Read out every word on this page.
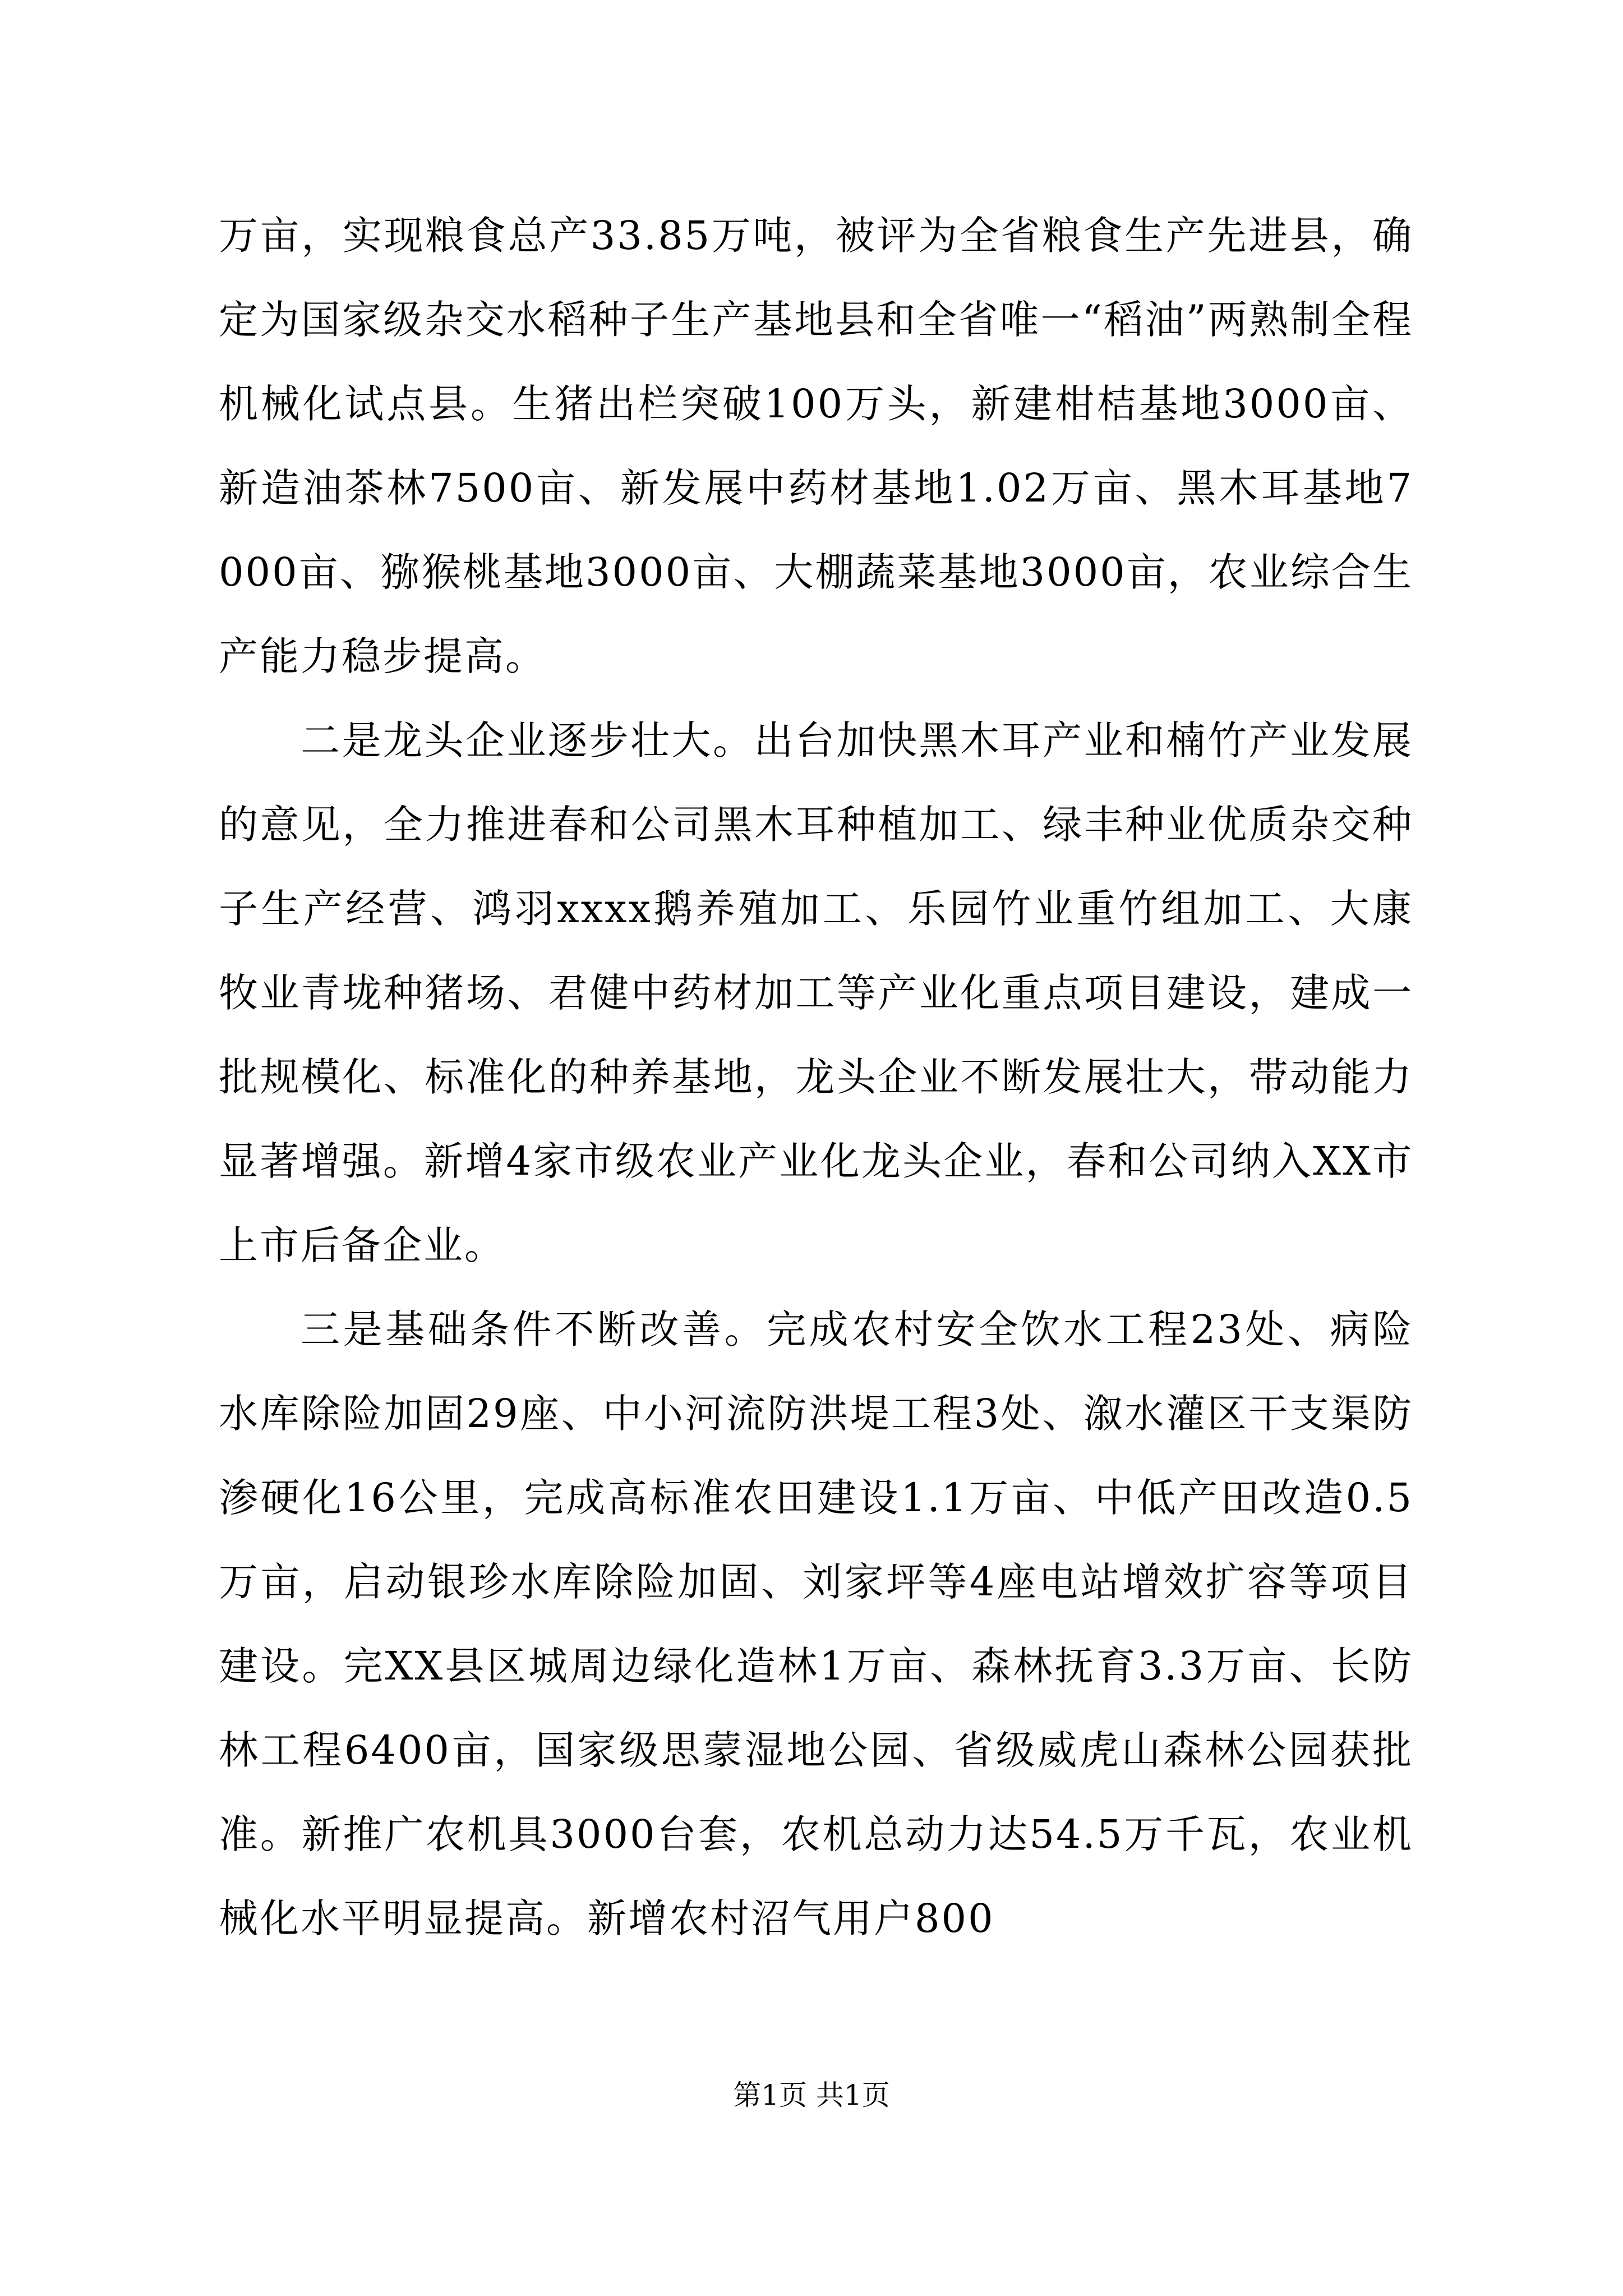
万亩，实现粮食总产33.85万吨，被评为全省粮食生产先进县，确定为国家级杂交水稻种子生产基地县和全省唯一“稻油”两熟制全程机械化试点县。生猪出栏突破100万头，新建柑桔基地3000亩、新造油茶林7500亩、新发展中药材基地1.02万亩、黑木耳基地7000亩、猕猴桃基地3000亩、大棚蔬菜基地3000亩，农业综合生产能力稳步提高。

二是龙头企业逐步壮大。出台加快黑木耳产业和楠竹产业发展的意见，全力推进春和公司黑木耳种植加工、绿丰种业优质杂交种子生产经营、鸿羽xxxx鹅养殖加工、乐园竹业重竹组加工、大康牧业青垅种猪场、君健中药材加工等产业化重点项目建设，建成一批规模化、标准化的种养基地，龙头企业不断发展壮大，带动能力显著增强。新增4家市级农业产业化龙头企业，春和公司纳入XX市上市后备企业。

三是基础条件不断改善。完成农村安全饮水工程23处、病险水库除险加固29座、中小河流防洪堤工程3处、溆水灌区干支渠防渗硬化16公里，完成高标准农田建设1.1万亩、中低产田改造0.5万亩，启动银珍水库除险加固、刘家坪等4座电站增效扩容等项目建设。完XX县区城周边绿化造林1万亩、森林抚育3.3万亩、长防林工程6400亩，国家级思蒙湿地公园、省级威虎山森林公园获批准。新推广农机具3000台套，农机总动力达54.5万千瓦，农业机械化水平明显提高。新增农村沼气用户800

第1页 共1页
